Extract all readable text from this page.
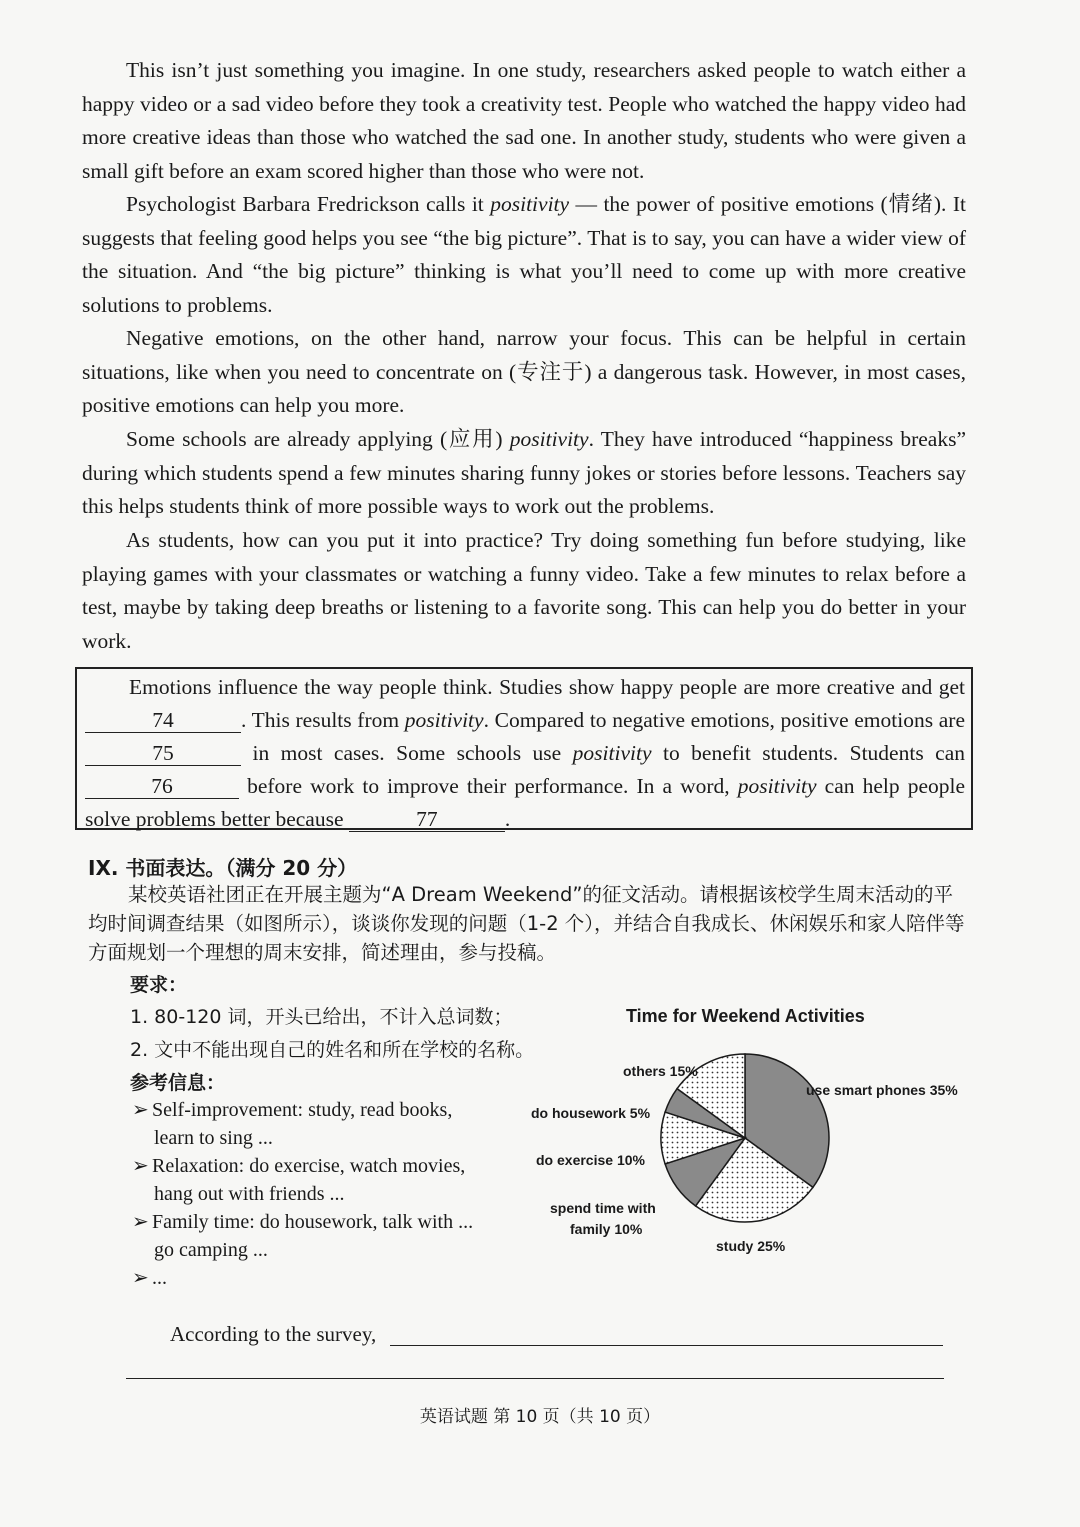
This isn’t just something you imagine. In one study, researchers asked people to watch either a happy video or a sad video before they took a creativity test. People who watched the happy video had more creative ideas than those who watched the sad one. In another study, students who were given a small gift before an exam scored higher than those who were not.

Psychologist Barbara Fredrickson calls it positivity — the power of positive emotions (情绪). It suggests that feeling good helps you see “the big picture”. That is to say, you can have a wider view of the situation. And “the big picture” thinking is what you’ll need to come up with more creative solutions to problems.

Negative emotions, on the other hand, narrow your focus. This can be helpful in certain situations, like when you need to concentrate on (专注于) a dangerous task. However, in most cases, positive emotions can help you more.

Some schools are already applying (应用) positivity. They have introduced “happiness breaks” during which students spend a few minutes sharing funny jokes or stories before lessons. Teachers say this helps students think of more possible ways to work out the problems.

As students, how can you put it into practice? Try doing something fun before studying, like playing games with your classmates or watching a funny video. Take a few minutes to relax before a test, maybe by taking deep breaths or listening to a favorite song. This can help you do better in your work.

Emotions influence the way people think. Studies show happy people are more creative and get 74	. This results from positivity. Compared to negative emotions, positive emotions are 75	in most cases. Some schools use positivity to benefit students. Students can 76	before work to improve their performance. In a word, positivity can help people solve problems better because	77	.

IX. 书面表达。（满分 20 分）

某校英语社团正在开展主题为“A Dream Weekend”的征文活动。请根据该校学生周末活动的平均时间调查结果（如图所示），谈谈你发现的问题（1-2 个），并结合自我成长、休闲娱乐和家人陪伴等方面规划一个理想的周末安排，简述理由，参与投稿。

要求：
1. 80-120 词，开头已给出，不计入总词数；
2. 文中不能出现自己的姓名和所在学校的名称。
参考信息：
➢ Self-improvement: study, read books,
learn to sing ...
➢ Relaxation: do exercise, watch movies,
hang out with friends ...
➢ Family time: do housework, talk with ...
go camping ...
➢ ...
Time for Weekend Activities
others 15%
use smart phones 35%
do housework 5%
do exercise 10%
spend time with
family 10%
study 25%
According to the survey,
英语试题 第 10 页（共 10 页）
